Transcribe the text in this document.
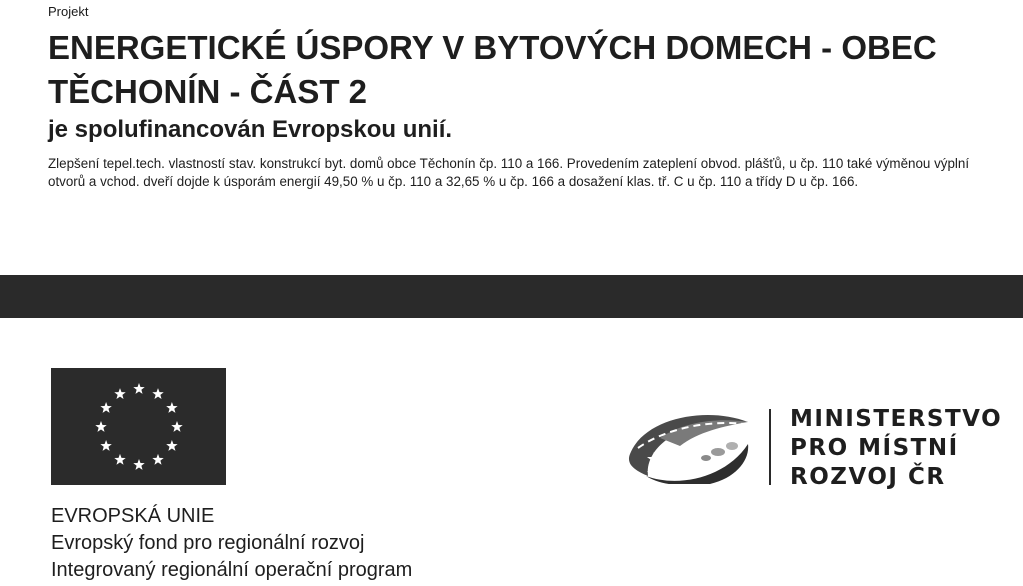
Projekt
ENERGETICKÉ ÚSPORY V BYTOVÝCH DOMECH - OBEC TĚCHONÍN - ČÁST 2
je spolufinancován Evropskou unií.
Zlepšení tepel.tech. vlastností stav. konstrukcí byt. domů obce Těchonín čp. 110 a 166. Provedením zateplení obvod. plášťů, u čp. 110 také výměnou výplní otvorů a vchod. dveří dojde k úsporám energií 49,50 % u čp. 110 a 32,65 % u čp. 166 a dosažení klas. tř. C u čp. 110 a třídy D u čp. 166.
EVROPSKÁ UNIE
Evropský fond pro regionální rozvoj
Integrovaný regionální operační program
MINISTERSTVO
PRO MÍSTNÍ
ROZVOJ ČR
